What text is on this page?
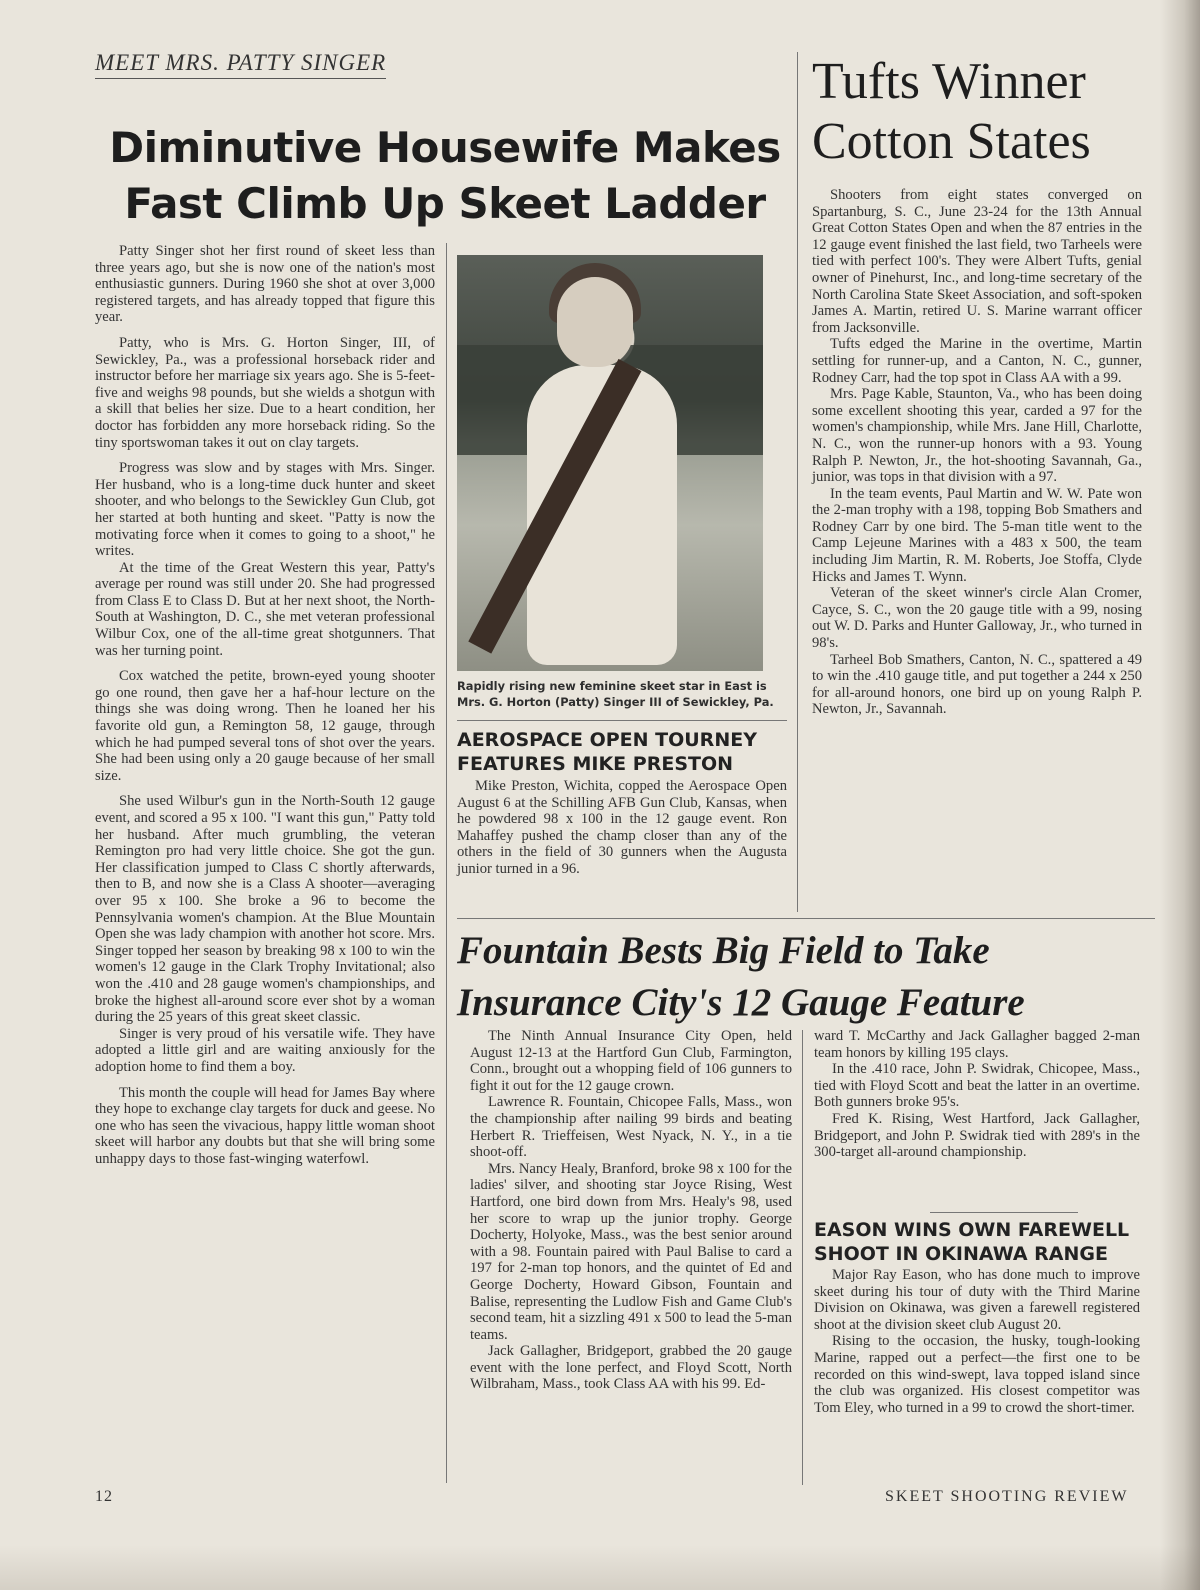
MEET MRS. PATTY SINGER
Diminutive Housewife Makes Fast Climb Up Skeet Ladder

Patty Singer shot her first round of skeet less than three years ago, but she is now one of the nation's most enthusiastic gunners. During 1960 she shot at over 3,000 registered targets, and has already topped that figure this year.

Patty, who is Mrs. G. Horton Singer, III, of Sewickley, Pa., was a professional horseback rider and instructor before her marriage six years ago. She is 5-feet-five and weighs 98 pounds, but she wields a shotgun with a skill that belies her size. Due to a heart condition, her doctor has forbidden any more horseback riding. So the tiny sportswoman takes it out on clay targets.

Progress was slow and by stages with Mrs. Singer. Her husband, who is a long-time duck hunter and skeet shooter, and who belongs to the Sewickley Gun Club, got her started at both hunting and skeet. "Patty is now the motivating force when it comes to going to a shoot," he writes.

At the time of the Great Western this year, Patty's average per round was still under 20. She had progressed from Class E to Class D. But at her next shoot, the North-South at Washington, D. C., she met veteran professional Wilbur Cox, one of the all-time great shotgunners. That was her turning point.

Cox watched the petite, brown-eyed young shooter go one round, then gave her a haf-hour lecture on the things she was doing wrong. Then he loaned her his favorite old gun, a Remington 58, 12 gauge, through which he had pumped several tons of shot over the years. She had been using only a 20 gauge because of her small size.

She used Wilbur's gun in the North-South 12 gauge event, and scored a 95 x 100. "I want this gun," Patty told her husband. After much grumbling, the veteran Remington pro had very little choice. She got the gun. Her classification jumped to Class C shortly afterwards, then to B, and now she is a Class A shooter—averaging over 95 x 100. She broke a 96 to become the Pennsylvania women's champion. At the Blue Mountain Open she was lady champion with another hot score. Mrs. Singer topped her season by breaking 98 x 100 to win the women's 12 gauge in the Clark Trophy Invitational; also won the .410 and 28 gauge women's championships, and broke the highest all-around score ever shot by a woman during the 25 years of this great skeet classic.

Singer is very proud of his versatile wife. They have adopted a little girl and are waiting anxiously for the adoption home to find them a boy.

This month the couple will head for James Bay where they hope to exchange clay targets for duck and geese. No one who has seen the vivacious, happy little woman shoot skeet will harbor any doubts but that she will bring some unhappy days to those fast-winging waterfowl.

Rapidly rising new feminine skeet star in East is Mrs. G. Horton (Patty) Singer III of Sewickley, Pa.
AEROSPACE OPEN TOURNEY FEATURES MIKE PRESTON

Mike Preston, Wichita, copped the Aerospace Open August 6 at the Schilling AFB Gun Club, Kansas, when he powdered 98 x 100 in the 12 gauge event. Ron Mahaffey pushed the champ closer than any of the others in the field of 30 gunners when the Augusta junior turned in a 96.

Tufts Winner
Cotton States

Shooters from eight states converged on Spartanburg, S. C., June 23-24 for the 13th Annual Great Cotton States Open and when the 87 entries in the 12 gauge event finished the last field, two Tarheels were tied with perfect 100's. They were Albert Tufts, genial owner of Pinehurst, Inc., and long-time secretary of the North Carolina State Skeet Association, and soft-spoken James A. Martin, retired U. S. Marine warrant officer from Jacksonville.

Tufts edged the Marine in the overtime, Martin settling for runner-up, and a Canton, N. C., gunner, Rodney Carr, had the top spot in Class AA with a 99.

Mrs. Page Kable, Staunton, Va., who has been doing some excellent shooting this year, carded a 97 for the women's championship, while Mrs. Jane Hill, Charlotte, N. C., won the runner-up honors with a 93. Young Ralph P. Newton, Jr., the hot-shooting Savannah, Ga., junior, was tops in that division with a 97.

In the team events, Paul Martin and W. W. Pate won the 2-man trophy with a 198, topping Bob Smathers and Rodney Carr by one bird. The 5-man title went to the Camp Lejeune Marines with a 483 x 500, the team including Jim Martin, R. M. Roberts, Joe Stoffa, Clyde Hicks and James T. Wynn.

Veteran of the skeet winner's circle Alan Cromer, Cayce, S. C., won the 20 gauge title with a 99, nosing out W. D. Parks and Hunter Galloway, Jr., who turned in 98's.

Tarheel Bob Smathers, Canton, N. C., spattered a 49 to win the .410 gauge title, and put together a 244 x 250 for all-around honors, one bird up on young Ralph P. Newton, Jr., Savannah.

Fountain Bests Big Field to Take
Insurance City's 12 Gauge Feature

The Ninth Annual Insurance City Open, held August 12-13 at the Hartford Gun Club, Farmington, Conn., brought out a whopping field of 106 gunners to fight it out for the 12 gauge crown.

Lawrence R. Fountain, Chicopee Falls, Mass., won the championship after nailing 99 birds and beating Herbert R. Trieffeisen, West Nyack, N. Y., in a tie shoot-off.

Mrs. Nancy Healy, Branford, broke 98 x 100 for the ladies' silver, and shooting star Joyce Rising, West Hartford, one bird down from Mrs. Healy's 98, used her score to wrap up the junior trophy. George Docherty, Holyoke, Mass., was the best senior around with a 98. Fountain paired with Paul Balise to card a 197 for 2-man top honors, and the quintet of Ed and George Docherty, Howard Gibson, Fountain and Balise, representing the Ludlow Fish and Game Club's second team, hit a sizzling 491 x 500 to lead the 5-man teams.

Jack Gallagher, Bridgeport, grabbed the 20 gauge event with the lone perfect, and Floyd Scott, North Wilbraham, Mass., took Class AA with his 99. Ed-

ward T. McCarthy and Jack Gallagher bagged 2-man team honors by killing 195 clays.

In the .410 race, John P. Swidrak, Chicopee, Mass., tied with Floyd Scott and beat the latter in an overtime. Both gunners broke 95's.

Fred K. Rising, West Hartford, Jack Gallagher, Bridgeport, and John P. Swidrak tied with 289's in the 300-target all-around championship.

EASON WINS OWN FAREWELL SHOOT IN OKINAWA RANGE

Major Ray Eason, who has done much to improve skeet during his tour of duty with the Third Marine Division on Okinawa, was given a farewell registered shoot at the division skeet club August 20.

Rising to the occasion, the husky, tough-looking Marine, rapped out a perfect—the first one to be recorded on this wind-swept, lava topped island since the club was organized. His closest competitor was Tom Eley, who turned in a 99 to crowd the short-timer.

12	SKEET SHOOTING REVIEW
